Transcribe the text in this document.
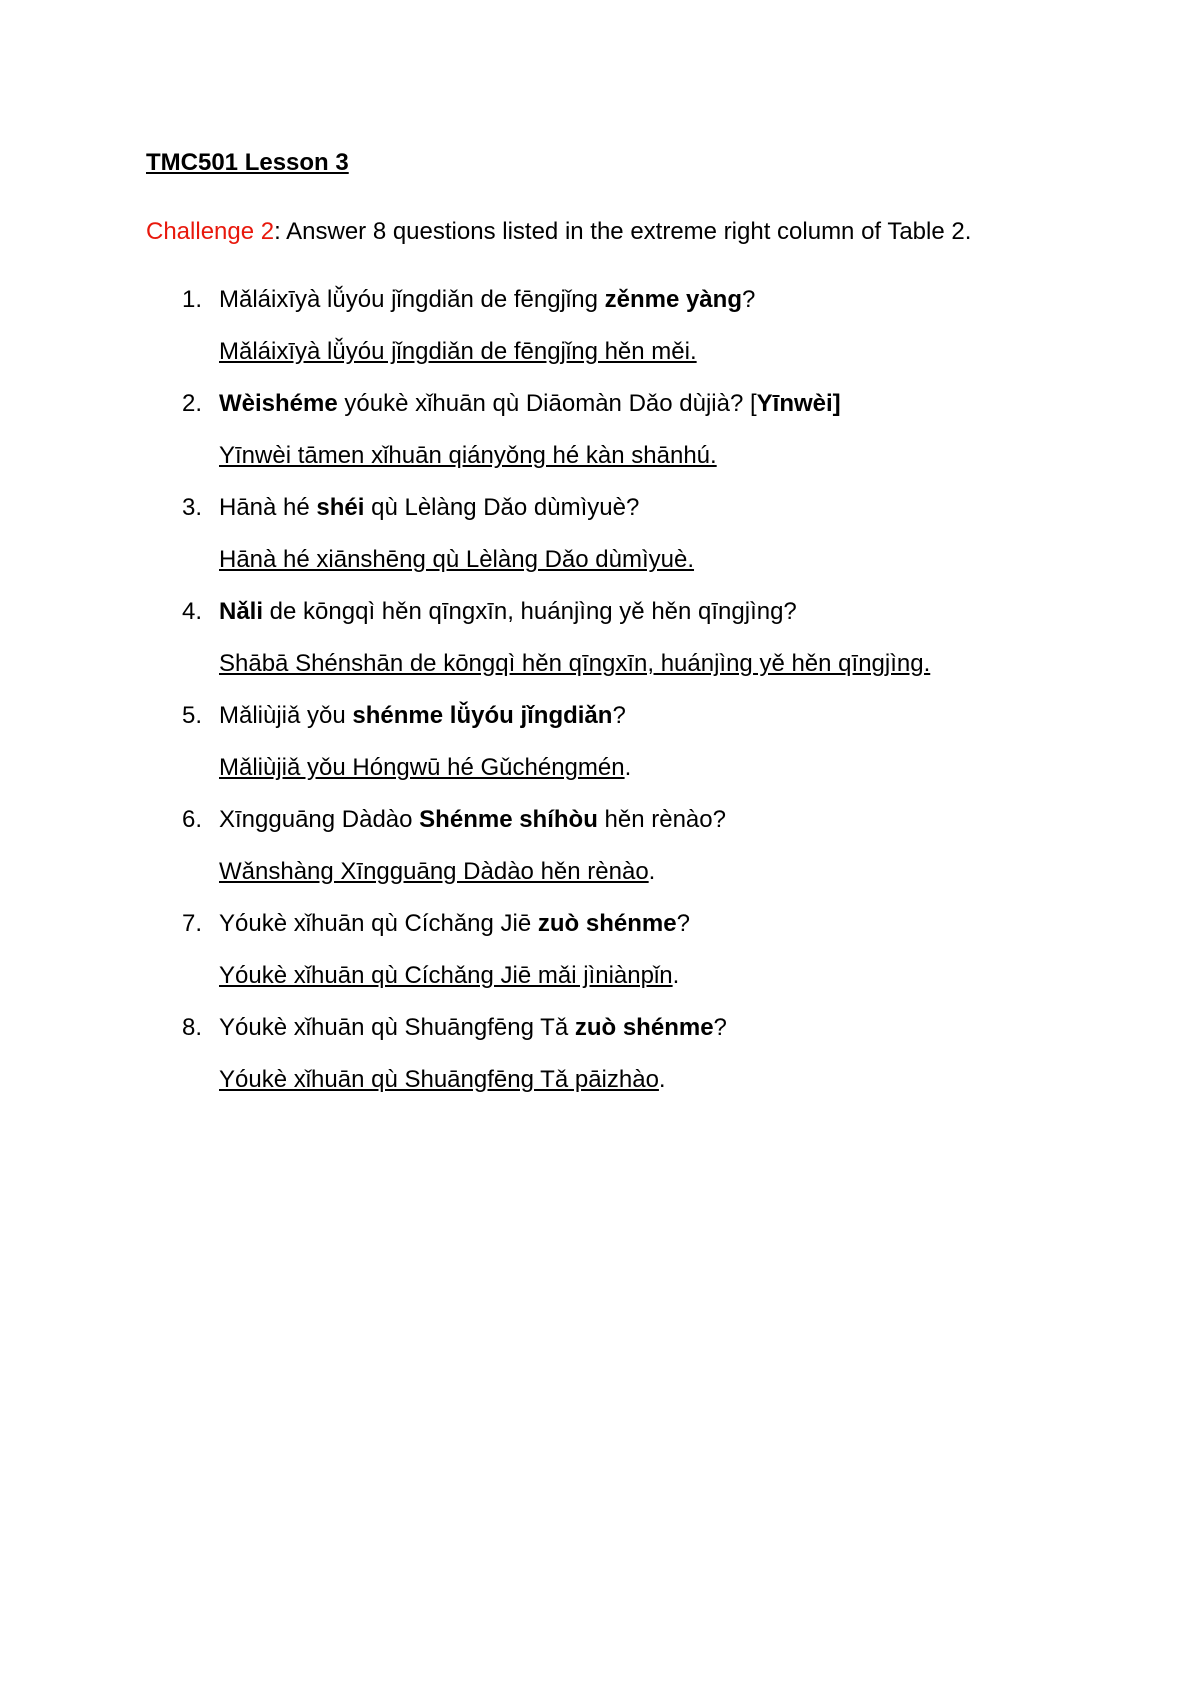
TMC501 Lesson 3
Challenge 2: Answer 8 questions listed in the extreme right column of Table 2.
1. Mǎláixīyà lǚyóu jǐngdiǎn de fēngjǐng zěnme yàng?
Mǎláixīyà lǚyóu jǐngdiǎn de fēngjǐng hěn měi.
2. Wèishéme yóukè xǐhuān qù Diāomàn Dǎo dùjià? [Yīnwèi]
Yīnwèi tāmen xǐhuān qiányǒng hé kàn shānhú.
3. Hānà hé shéi qù Lèlàng Dǎo dùmìyuè?
Hānà hé xiānshēng qù Lèlàng Dǎo dùmìyuè.
4. Nǎli de kōngqì hěn qīngxīn, huánjìng yě hěn qīngjìng?
Shābā Shénshān de kōngqì hěn qīngxīn, huánjìng yě hěn qīngjìng.
5. Mǎliùjiǎ yǒu shénme lǚyóu jǐngdiǎn?
Mǎliùjiǎ yǒu Hóngwū hé Gǔchéngmén.
6. Xīngguāng Dàdào Shénme shíhòu hěn rènào?
Wǎnshàng Xīngguāng Dàdào hěn rènào.
7. Yóukè xǐhuān qù Cíchǎng Jiē zuò shénme?
Yóukè xǐhuān qù Cíchǎng Jiē mǎi jìniànpǐn.
8. Yóukè xǐhuān qù Shuāngfēng Tǎ zuò shénme?
Yóukè xǐhuān qù Shuāngfēng Tǎ pāizhào.
